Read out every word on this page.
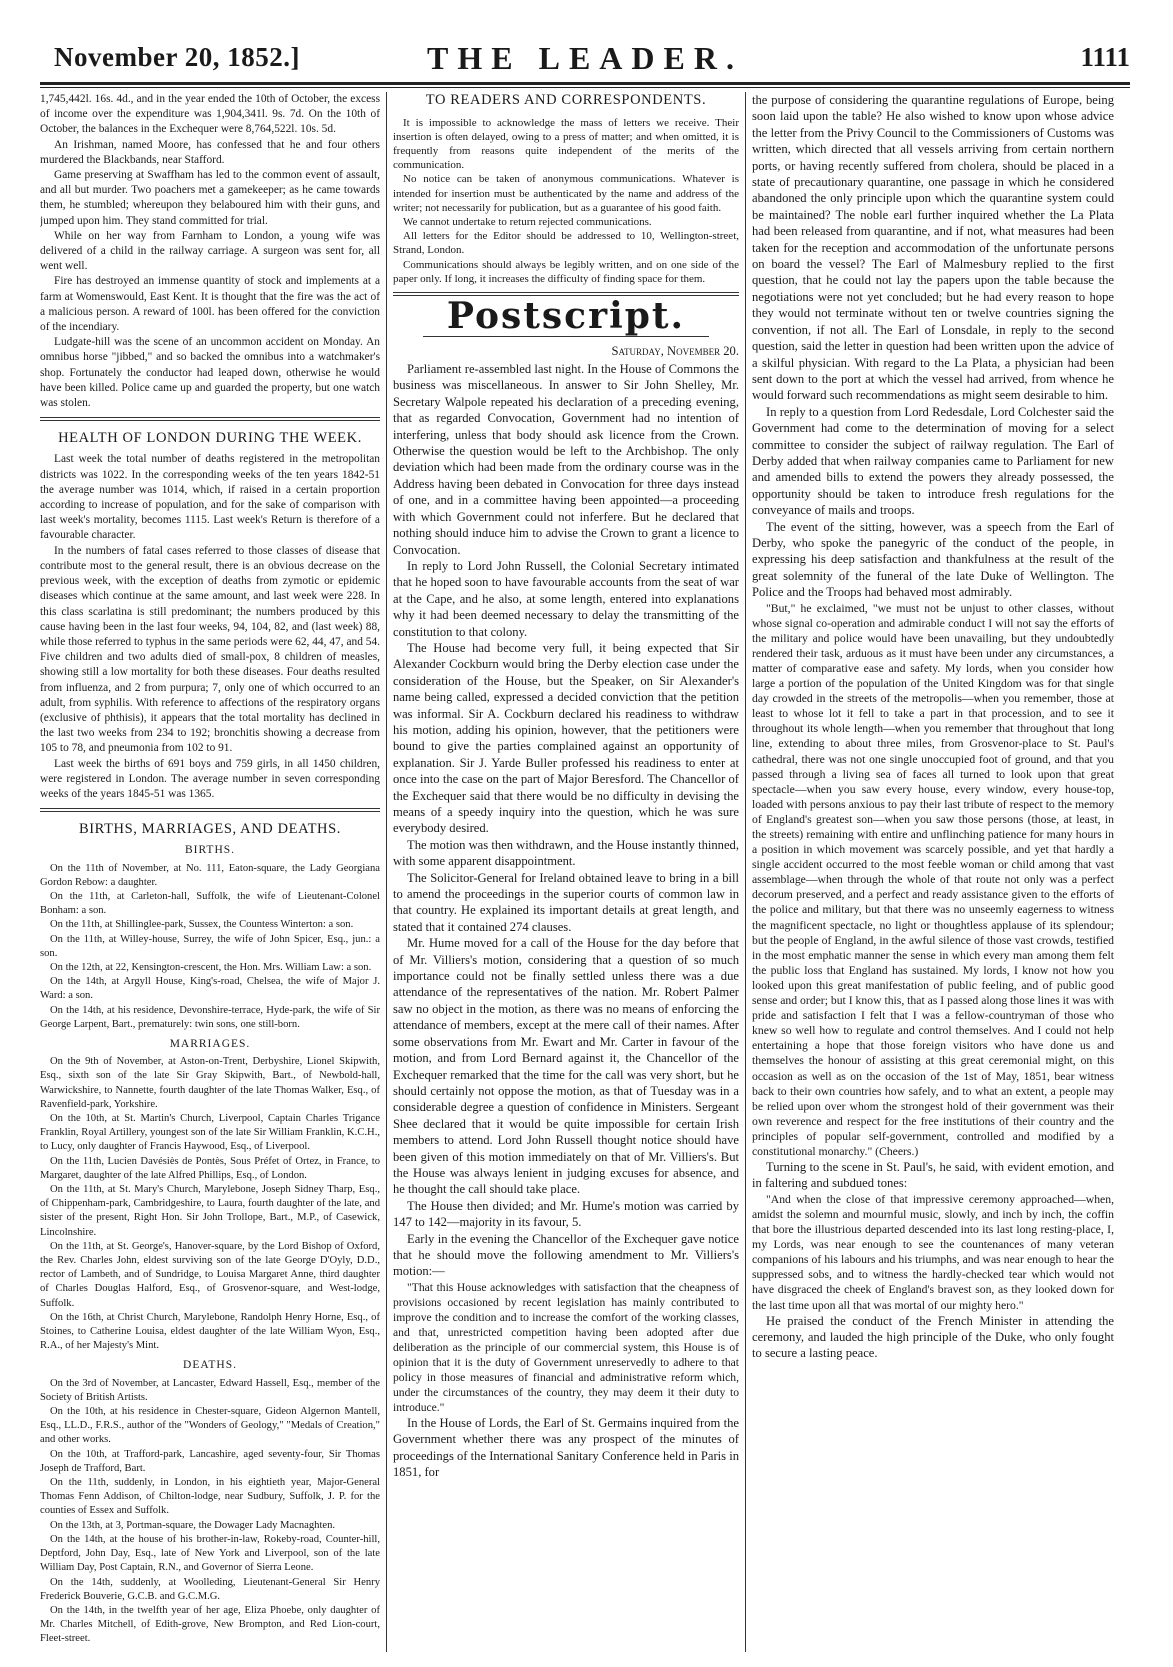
November 20, 1852.]	THE LEADER.	1111

1,745,442l. 16s. 4d., and in the year ended the 10th of October, the excess of income over the expenditure was 1,904,341l. 9s. 7d. On the 10th of October, the balances in the Exchequer were 8,764,522l. 10s. 5d.

An Irishman, named Moore, has confessed that he and four others murdered the Blackbands, near Stafford.

Game preserving at Swaffham has led to the common event of assault, and all but murder. Two poachers met a gamekeeper; as he came towards them, he stumbled; whereupon they belaboured him with their guns, and jumped upon him. They stand committed for trial.

While on her way from Farnham to London, a young wife was delivered of a child in the railway carriage. A surgeon was sent for, all went well.

Fire has destroyed an immense quantity of stock and implements at a farm at Womenswould, East Kent. It is thought that the fire was the act of a malicious person. A reward of 100l. has been offered for the conviction of the incendiary.

Ludgate-hill was the scene of an uncommon accident on Monday. An omnibus horse "jibbed," and so backed the omnibus into a watchmaker's shop. Fortunately the conductor had leaped down, otherwise he would have been killed. Police came up and guarded the property, but one watch was stolen.

HEALTH OF LONDON DURING THE WEEK.

Last week the total number of deaths registered in the metropolitan districts was 1022. In the corresponding weeks of the ten years 1842-51 the average number was 1014, which, if raised in a certain proportion according to increase of population, and for the sake of comparison with last week's mortality, becomes 1115. Last week's Return is therefore of a favourable character.

In the numbers of fatal cases referred to those classes of disease that contribute most to the general result, there is an obvious decrease on the previous week, with the exception of deaths from zymotic or epidemic diseases which continue at the same amount, and last week were 228. In this class scarlatina is still predominant; the numbers produced by this cause having been in the last four weeks, 94, 104, 82, and (last week) 88, while those referred to typhus in the same periods were 62, 44, 47, and 54. Five children and two adults died of small-pox, 8 children of measles, showing still a low mortality for both these diseases. Four deaths resulted from influenza, and 2 from purpura; 7, only one of which occurred to an adult, from syphilis. With reference to affections of the respiratory organs (exclusive of phthisis), it appears that the total mortality has declined in the last two weeks from 234 to 192; bronchitis showing a decrease from 105 to 78, and pneumonia from 102 to 91.

Last week the births of 691 boys and 759 girls, in all 1450 children, were registered in London. The average number in seven corresponding weeks of the years 1845-51 was 1365.

BIRTHS, MARRIAGES, AND DEATHS.
BIRTHS.

On the 11th of November, at No. 111, Eaton-square, the Lady Georgiana Gordon Rebow: a daughter.

On the 11th, at Carleton-hall, Suffolk, the wife of Lieutenant-Colonel Bonham: a son.

On the 11th, at Shillinglee-park, Sussex, the Countess Winterton: a son.

On the 11th, at Willey-house, Surrey, the wife of John Spicer, Esq., jun.: a son.

On the 12th, at 22, Kensington-crescent, the Hon. Mrs. William Law: a son.

On the 14th, at Argyll House, King's-road, Chelsea, the wife of Major J. Ward: a son.

On the 14th, at his residence, Devonshire-terrace, Hyde-park, the wife of Sir George Larpent, Bart., prematurely: twin sons, one still-born.

MARRIAGES.

On the 9th of November, at Aston-on-Trent, Derbyshire, Lionel Skipwith, Esq., sixth son of the late Sir Gray Skipwith, Bart., of Newbold-hall, Warwickshire, to Nannette, fourth daughter of the late Thomas Walker, Esq., of Ravenfield-park, Yorkshire.

On the 10th, at St. Martin's Church, Liverpool, Captain Charles Trigance Franklin, Royal Artillery, youngest son of the late Sir William Franklin, K.C.H., to Lucy, only daughter of Francis Haywood, Esq., of Liverpool.

On the 11th, Lucien Davésiès de Pontès, Sous Préfet of Ortez, in France, to Margaret, daughter of the late Alfred Phillips, Esq., of London.

On the 11th, at St. Mary's Church, Marylebone, Joseph Sidney Tharp, Esq., of Chippenham-park, Cambridgeshire, to Laura, fourth daughter of the late, and sister of the present, Right Hon. Sir John Trollope, Bart., M.P., of Casewick, Lincolnshire.

On the 11th, at St. George's, Hanover-square, by the Lord Bishop of Oxford, the Rev. Charles John, eldest surviving son of the late George D'Oyly, D.D., rector of Lambeth, and of Sundridge, to Louisa Margaret Anne, third daughter of Charles Douglas Halford, Esq., of Grosvenor-square, and West-lodge, Suffolk.

On the 16th, at Christ Church, Marylebone, Randolph Henry Horne, Esq., of Stoines, to Catherine Louisa, eldest daughter of the late William Wyon, Esq., R.A., of her Majesty's Mint.

DEATHS.

On the 3rd of November, at Lancaster, Edward Hassell, Esq., member of the Society of British Artists.

On the 10th, at his residence in Chester-square, Gideon Algernon Mantell, Esq., LL.D., F.R.S., author of the "Wonders of Geology," "Medals of Creation," and other works.

On the 10th, at Trafford-park, Lancashire, aged seventy-four, Sir Thomas Joseph de Trafford, Bart.

On the 11th, suddenly, in London, in his eightieth year, Major-General Thomas Fenn Addison, of Chilton-lodge, near Sudbury, Suffolk, J. P. for the counties of Essex and Suffolk.

On the 13th, at 3, Portman-square, the Dowager Lady Macnaghten.

On the 14th, at the house of his brother-in-law, Rokeby-road, Counter-hill, Deptford, John Day, Esq., late of New York and Liverpool, son of the late William Day, Post Captain, R.N., and Governor of Sierra Leone.

On the 14th, suddenly, at Woolleding, Lieutenant-General Sir Henry Frederick Bouverie, G.C.B. and G.C.M.G.

On the 14th, in the twelfth year of her age, Eliza Phoebe, only daughter of Mr. Charles Mitchell, of Edith-grove, New Brompton, and Red Lion-court, Fleet-street.

TO READERS AND CORRESPONDENTS.

It is impossible to acknowledge the mass of letters we receive. Their insertion is often delayed, owing to a press of matter; and when omitted, it is frequently from reasons quite independent of the merits of the communication.

No notice can be taken of anonymous communications. Whatever is intended for insertion must be authenticated by the name and address of the writer; not necessarily for publication, but as a guarantee of his good faith.

We cannot undertake to return rejected communications.

All letters for the Editor should be addressed to 10, Wellington-street, Strand, London.

Communications should always be legibly written, and on one side of the paper only. If long, it increases the difficulty of finding space for them.

Postscript.

Saturday, November 20.

Parliament re-assembled last night. In the House of Commons the business was miscellaneous. In answer to Sir John Shelley, Mr. Secretary Walpole repeated his declaration of a preceding evening, that as regarded Convocation, Government had no intention of interfering, unless that body should ask licence from the Crown. Otherwise the question would be left to the Archbishop. The only deviation which had been made from the ordinary course was in the Address having been debated in Convocation for three days instead of one, and in a committee having been appointed—a proceeding with which Government could not inferfere. But he declared that nothing should induce him to advise the Crown to grant a licence to Convocation.

In reply to Lord John Russell, the Colonial Secretary intimated that he hoped soon to have favourable accounts from the seat of war at the Cape, and he also, at some length, entered into explanations why it had been deemed necessary to delay the transmitting of the constitution to that colony.

The House had become very full, it being expected that Sir Alexander Cockburn would bring the Derby election case under the consideration of the House, but the Speaker, on Sir Alexander's name being called, expressed a decided conviction that the petition was informal. Sir A. Cockburn declared his readiness to withdraw his motion, adding his opinion, however, that the petitioners were bound to give the parties complained against an opportunity of explanation. Sir J. Yarde Buller professed his readiness to enter at once into the case on the part of Major Beresford. The Chancellor of the Exchequer said that there would be no difficulty in devising the means of a speedy inquiry into the question, which he was sure everybody desired.

The motion was then withdrawn, and the House instantly thinned, with some apparent disappointment.

The Solicitor-General for Ireland obtained leave to bring in a bill to amend the proceedings in the superior courts of common law in that country. He explained its important details at great length, and stated that it contained 274 clauses.

Mr. Hume moved for a call of the House for the day before that of Mr. Villiers's motion, considering that a question of so much importance could not be finally settled unless there was a due attendance of the representatives of the nation. Mr. Robert Palmer saw no object in the motion, as there was no means of enforcing the attendance of members, except at the mere call of their names. After some observations from Mr. Ewart and Mr. Carter in favour of the motion, and from Lord Bernard against it, the Chancellor of the Exchequer remarked that the time for the call was very short, but he should certainly not oppose the motion, as that of Tuesday was in a considerable degree a question of confidence in Ministers. Sergeant Shee declared that it would be quite impossible for certain Irish members to attend. Lord John Russell thought notice should have been given of this motion immediately on that of Mr. Villiers's. But the House was always lenient in judging excuses for absence, and he thought the call should take place.

The House then divided; and Mr. Hume's motion was carried by 147 to 142—majority in its favour, 5.

Early in the evening the Chancellor of the Exchequer gave notice that he should move the following amendment to Mr. Villiers's motion:—

"That this House acknowledges with satisfaction that the cheapness of provisions occasioned by recent legislation has mainly contributed to improve the condition and to increase the comfort of the working classes, and that, unrestricted competition having been adopted after due deliberation as the principle of our commercial system, this House is of opinion that it is the duty of Government unreservedly to adhere to that policy in those measures of financial and administrative reform which, under the circumstances of the country, they may deem it their duty to introduce."

In the House of Lords, the Earl of St. Germains inquired from the Government whether there was any prospect of the minutes of proceedings of the International Sanitary Conference held in Paris in 1851, for

the purpose of considering the quarantine regulations of Europe, being soon laid upon the table? He also wished to know upon whose advice the letter from the Privy Council to the Commissioners of Customs was written, which directed that all vessels arriving from certain northern ports, or having recently suffered from cholera, should be placed in a state of precautionary quarantine, one passage in which he considered abandoned the only principle upon which the quarantine system could be maintained? The noble earl further inquired whether the La Plata had been released from quarantine, and if not, what measures had been taken for the reception and accommodation of the unfortunate persons on board the vessel? The Earl of Malmesbury replied to the first question, that he could not lay the papers upon the table because the negotiations were not yet concluded; but he had every reason to hope they would not terminate without ten or twelve countries signing the convention, if not all. The Earl of Lonsdale, in reply to the second question, said the letter in question had been written upon the advice of a skilful physician. With regard to the La Plata, a physician had been sent down to the port at which the vessel had arrived, from whence he would forward such recommendations as might seem desirable to him.

In reply to a question from Lord Redesdale, Lord Colchester said the Government had come to the determination of moving for a select committee to consider the subject of railway regulation. The Earl of Derby added that when railway companies came to Parliament for new and amended bills to extend the powers they already possessed, the opportunity should be taken to introduce fresh regulations for the conveyance of mails and troops.

The event of the sitting, however, was a speech from the Earl of Derby, who spoke the panegyric of the conduct of the people, in expressing his deep satisfaction and thankfulness at the result of the great solemnity of the funeral of the late Duke of Wellington. The Police and the Troops had behaved most admirably.

"But," he exclaimed, "we must not be unjust to other classes, without whose signal co-operation and admirable conduct I will not say the efforts of the military and police would have been unavailing, but they undoubtedly rendered their task, arduous as it must have been under any circumstances, a matter of comparative ease and safety. My lords, when you consider how large a portion of the population of the United Kingdom was for that single day crowded in the streets of the metropolis—when you remember, those at least to whose lot it fell to take a part in that procession, and to see it throughout its whole length—when you remember that throughout that long line, extending to about three miles, from Grosvenor-place to St. Paul's cathedral, there was not one single unoccupied foot of ground, and that you passed through a living sea of faces all turned to look upon that great spectacle—when you saw every house, every window, every house-top, loaded with persons anxious to pay their last tribute of respect to the memory of England's greatest son—when you saw those persons (those, at least, in the streets) remaining with entire and unflinching patience for many hours in a position in which movement was scarcely possible, and yet that hardly a single accident occurred to the most feeble woman or child among that vast assemblage—when through the whole of that route not only was a perfect decorum preserved, and a perfect and ready assistance given to the efforts of the police and military, but that there was no unseemly eagerness to witness the magnificent spectacle, no light or thoughtless applause of its splendour; but the people of England, in the awful silence of those vast crowds, testified in the most emphatic manner the sense in which every man among them felt the public loss that England has sustained. My lords, I know not how you looked upon this great manifestation of public feeling, and of public good sense and order; but I know this, that as I passed along those lines it was with pride and satisfaction I felt that I was a fellow-countryman of those who knew so well how to regulate and control themselves. And I could not help entertaining a hope that those foreign visitors who have done us and themselves the honour of assisting at this great ceremonial might, on this occasion as well as on the occasion of the 1st of May, 1851, bear witness back to their own countries how safely, and to what an extent, a people may be relied upon over whom the strongest hold of their government was their own reverence and respect for the free institutions of their country and the principles of popular self-government, controlled and modified by a constitutional monarchy." (Cheers.)

Turning to the scene in St. Paul's, he said, with evident emotion, and in faltering and subdued tones:

"And when the close of that impressive ceremony approached—when, amidst the solemn and mournful music, slowly, and inch by inch, the coffin that bore the illustrious departed descended into its last long resting-place, I, my Lords, was near enough to see the countenances of many veteran companions of his labours and his triumphs, and was near enough to hear the suppressed sobs, and to witness the hardly-checked tear which would not have disgraced the cheek of England's bravest son, as they looked down for the last time upon all that was mortal of our mighty hero."

He praised the conduct of the French Minister in attending the ceremony, and lauded the high principle of the Duke, who only fought to secure a lasting peace.
